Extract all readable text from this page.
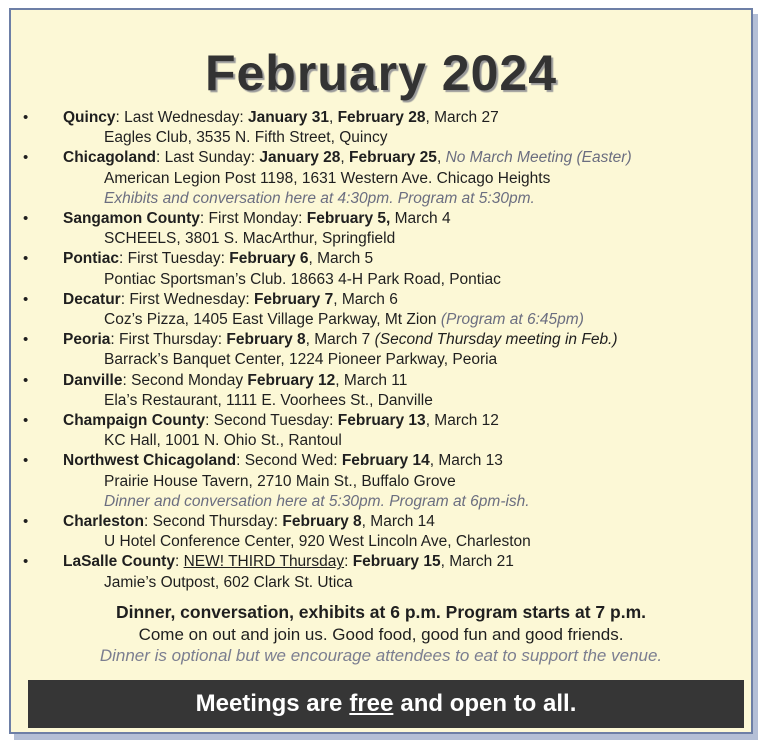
February 2024
• Quincy: Last Wednesday: January 31, February 28, March 27
Eagles Club, 3535 N. Fifth Street, Quincy
• Chicagoland: Last Sunday: January 28, February 25, No March Meeting (Easter)
American Legion Post 1198, 1631 Western Ave. Chicago Heights
Exhibits and conversation here at 4:30pm. Program at 5:30pm.
• Sangamon County: First Monday: February 5, March 4
SCHEELS, 3801 S. MacArthur, Springfield
• Pontiac: First Tuesday: February 6, March 5
Pontiac Sportsman’s Club. 18663 4-H Park Road, Pontiac
• Decatur: First Wednesday: February 7, March 6
Coz’s Pizza, 1405 East Village Parkway, Mt Zion (Program at 6:45pm)
• Peoria: First Thursday: February 8, March 7 (Second Thursday meeting in Feb.)
Barrack’s Banquet Center, 1224 Pioneer Parkway, Peoria
• Danville: Second Monday February 12, March 11
Ela’s Restaurant, 1111 E. Voorhees St., Danville
• Champaign County: Second Tuesday: February 13, March 12
KC Hall, 1001 N. Ohio St., Rantoul
• Northwest Chicagoland: Second Wed: February 14, March 13
Prairie House Tavern, 2710 Main St., Buffalo Grove
Dinner and conversation here at 5:30pm. Program at 6pm-ish.
• Charleston: Second Thursday: February 8, March 14
U Hotel Conference Center, 920 West Lincoln Ave, Charleston
• LaSalle County: NEW! THIRD Thursday: February 15, March 21
Jamie’s Outpost, 602 Clark St. Utica
Dinner, conversation, exhibits at 6 p.m. Program starts at 7 p.m.
Come on out and join us. Good food, good fun and good friends.
Dinner is optional but we encourage attendees to eat to support the venue.
Meetings are free and open to all.
